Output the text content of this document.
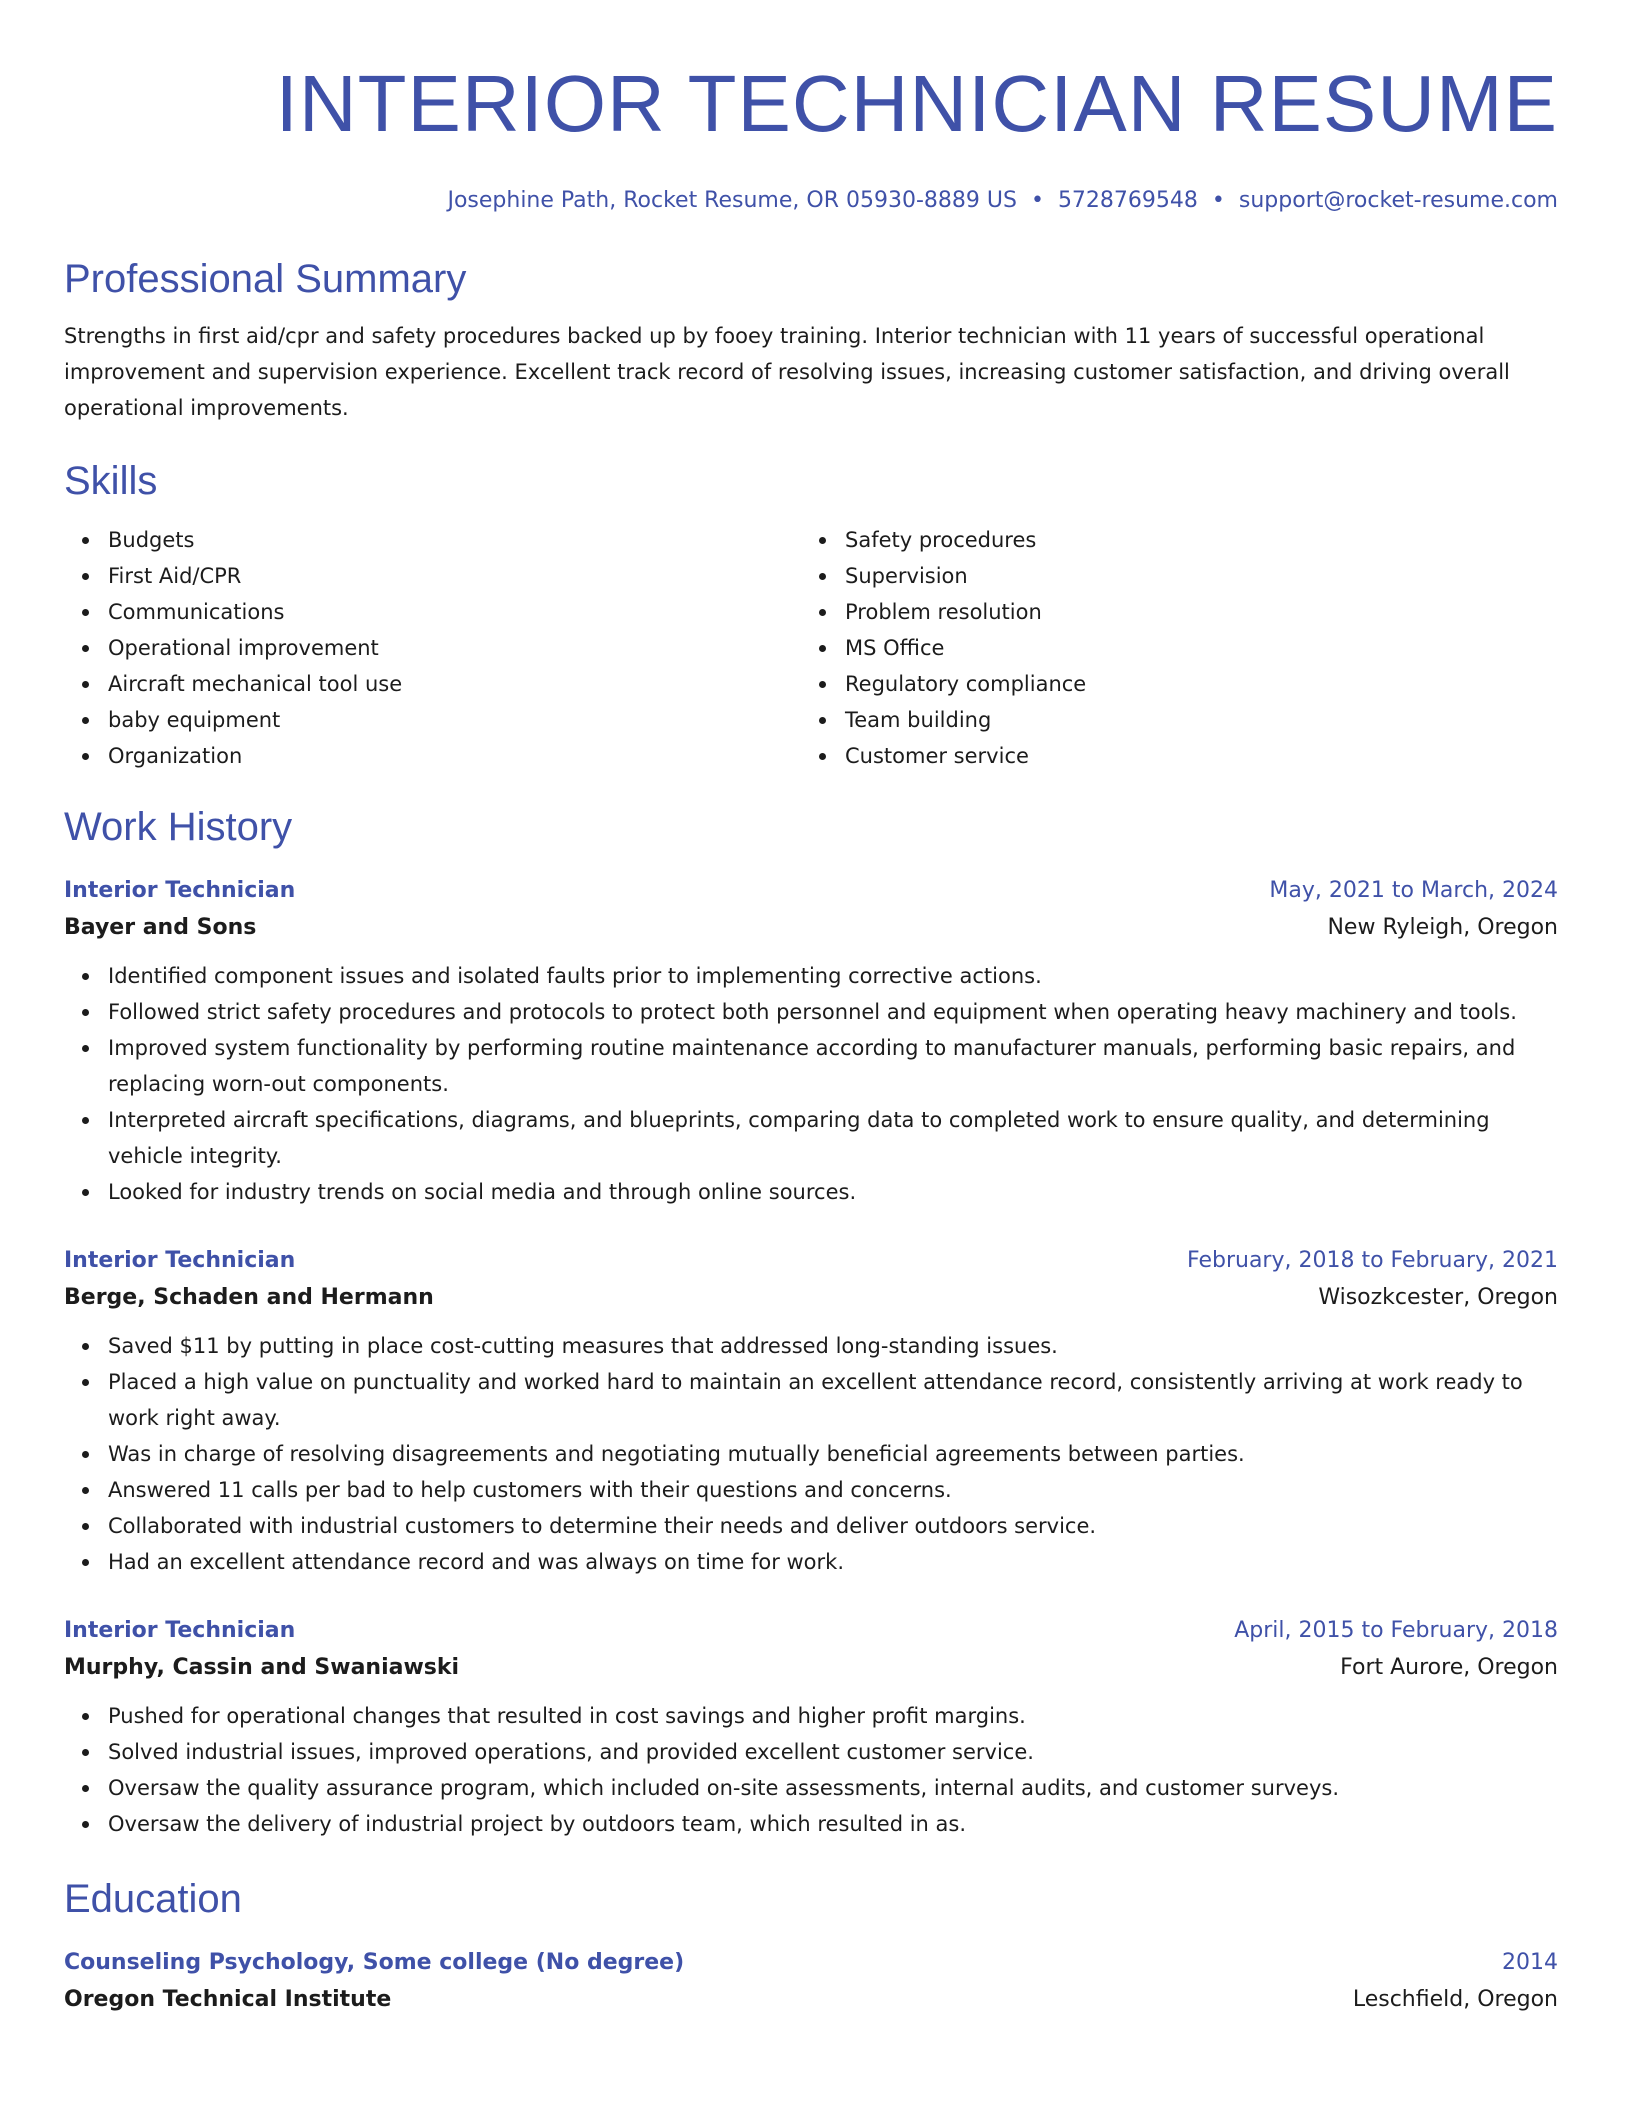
INTERIOR TECHNICIAN RESUME
Josephine Path, Rocket Resume, OR 05930-8889 US • 5728769548 • support@rocket-resume.com
Professional Summary
Strengths in first aid/cpr and safety procedures backed up by fooey training. Interior technician with 11 years of successful operational improvement and supervision experience. Excellent track record of resolving issues, increasing customer satisfaction, and driving overall operational improvements.
Skills
Budgets
First Aid/CPR
Communications
Operational improvement
Aircraft mechanical tool use
baby equipment
Organization
Safety procedures
Supervision
Problem resolution
MS Office
Regulatory compliance
Team building
Customer service
Work History
Interior Technician	May, 2021 to March, 2024
Bayer and Sons	New Ryleigh, Oregon
Identified component issues and isolated faults prior to implementing corrective actions.
Followed strict safety procedures and protocols to protect both personnel and equipment when operating heavy machinery and tools.
Improved system functionality by performing routine maintenance according to manufacturer manuals, performing basic repairs, and replacing worn-out components.
Interpreted aircraft specifications, diagrams, and blueprints, comparing data to completed work to ensure quality, and determining vehicle integrity.
Looked for industry trends on social media and through online sources.
Interior Technician	February, 2018 to February, 2021
Berge, Schaden and Hermann	Wisozkcester, Oregon
Saved $11 by putting in place cost-cutting measures that addressed long-standing issues.
Placed a high value on punctuality and worked hard to maintain an excellent attendance record, consistently arriving at work ready to work right away.
Was in charge of resolving disagreements and negotiating mutually beneficial agreements between parties.
Answered 11 calls per bad to help customers with their questions and concerns.
Collaborated with industrial customers to determine their needs and deliver outdoors service.
Had an excellent attendance record and was always on time for work.
Interior Technician	April, 2015 to February, 2018
Murphy, Cassin and Swaniawski	Fort Aurore, Oregon
Pushed for operational changes that resulted in cost savings and higher profit margins.
Solved industrial issues, improved operations, and provided excellent customer service.
Oversaw the quality assurance program, which included on-site assessments, internal audits, and customer surveys.
Oversaw the delivery of industrial project by outdoors team, which resulted in as.
Education
Counseling Psychology, Some college (No degree)	2014
Oregon Technical Institute	Leschfield, Oregon
